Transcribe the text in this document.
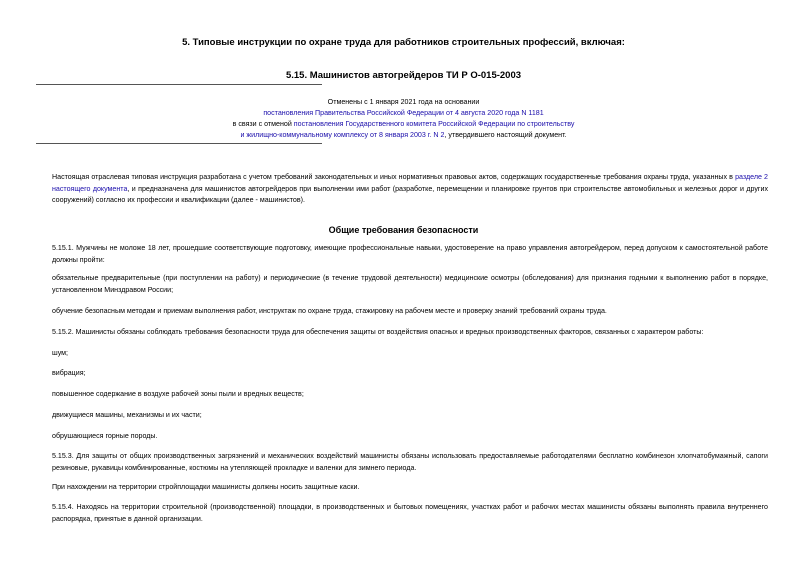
5. Типовые инструкции по охране труда для работников строительных профессий, включая:
5.15. Машинистов автогрейдеров ТИ Р О-015-2003
Отменены с 1 января 2021 года на основании
постановления Правительства Российской Федерации от 4 августа 2020 года N 1181
в связи с отменой постановления Государственного комитета Российской Федерации по строительству
и жилищно-коммунальному комплексу от 8 января 2003 г. N 2, утвердившего настоящий документ.
Настоящая отраслевая типовая инструкция разработана с учетом требований законодательных и иных нормативных правовых актов, содержащих государственные требования охраны труда, указанных в разделе 2 настоящего документа, и предназначена для машинистов автогрейдеров при выполнении ими работ (разработке, перемещении и планировке грунтов при строительстве автомобильных и железных дорог и других сооружений) согласно их профессии и квалификации (далее - машинистов).
Общие требования безопасности
5.15.1. Мужчины не моложе 18 лет, прошедшие соответствующие подготовку, имеющие профессиональные навыки, удостоверение на право управления автогрейдером, перед допуском к самостоятельной работе должны пройти:
обязательные предварительные (при поступлении на работу) и периодические (в течение трудовой деятельности) медицинские осмотры (обследования) для признания годными к выполнению работ в порядке, установленном Минздравом России;
обучение безопасным методам и приемам выполнения работ, инструктаж по охране труда, стажировку на рабочем месте и проверку знаний требований охраны труда.
5.15.2. Машинисты обязаны соблюдать требования безопасности труда для обеспечения защиты от воздействия опасных и вредных производственных факторов, связанных с характером работы:
шум;
вибрация;
повышенное содержание в воздухе рабочей зоны пыли и вредных веществ;
движущиеся машины, механизмы и их части;
обрушающиеся горные породы.
5.15.3. Для защиты от общих производственных загрязнений и механических воздействий машинисты обязаны использовать предоставляемые работодателями бесплатно комбинезон хлопчатобумажный, сапоги резиновые, рукавицы комбинированные, костюмы на утепляющей прокладке и валенки для зимнего периода.
При нахождении на территории стройплощадки машинисты должны носить защитные каски.
5.15.4. Находясь на территории строительной (производственной) площадки, в производственных и бытовых помещениях, участках работ и рабочих местах машинисты обязаны выполнять правила внутреннего распорядка, принятые в данной организации.
